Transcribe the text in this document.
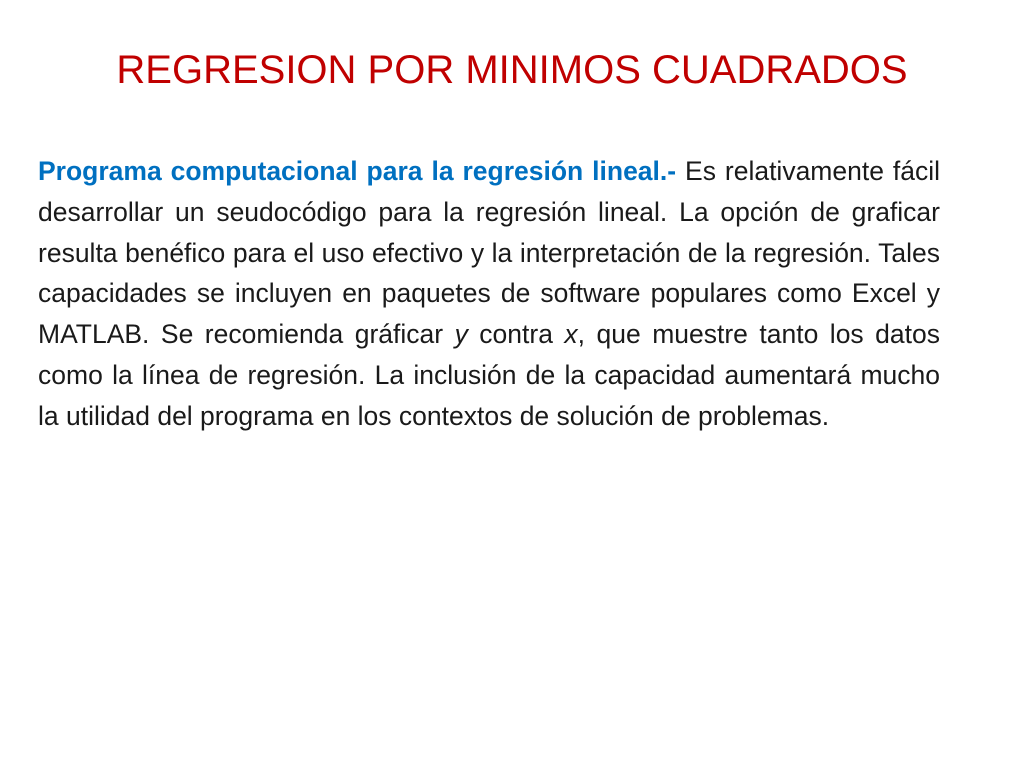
REGRESION POR MINIMOS CUADRADOS

Programa computacional para la regresión lineal.- Es relativamente fácil desarrollar un seudocódigo para la regresión lineal. La opción de graficar resulta benéfico para el uso efectivo y la interpretación de la regresión. Tales capacidades se incluyen en paquetes de software populares como Excel y MATLAB. Se recomienda gráficar y contra x, que muestre tanto los datos como la línea de regresión. La inclusión de la capacidad aumentará mucho la utilidad del programa en los contextos de solución de problemas.
